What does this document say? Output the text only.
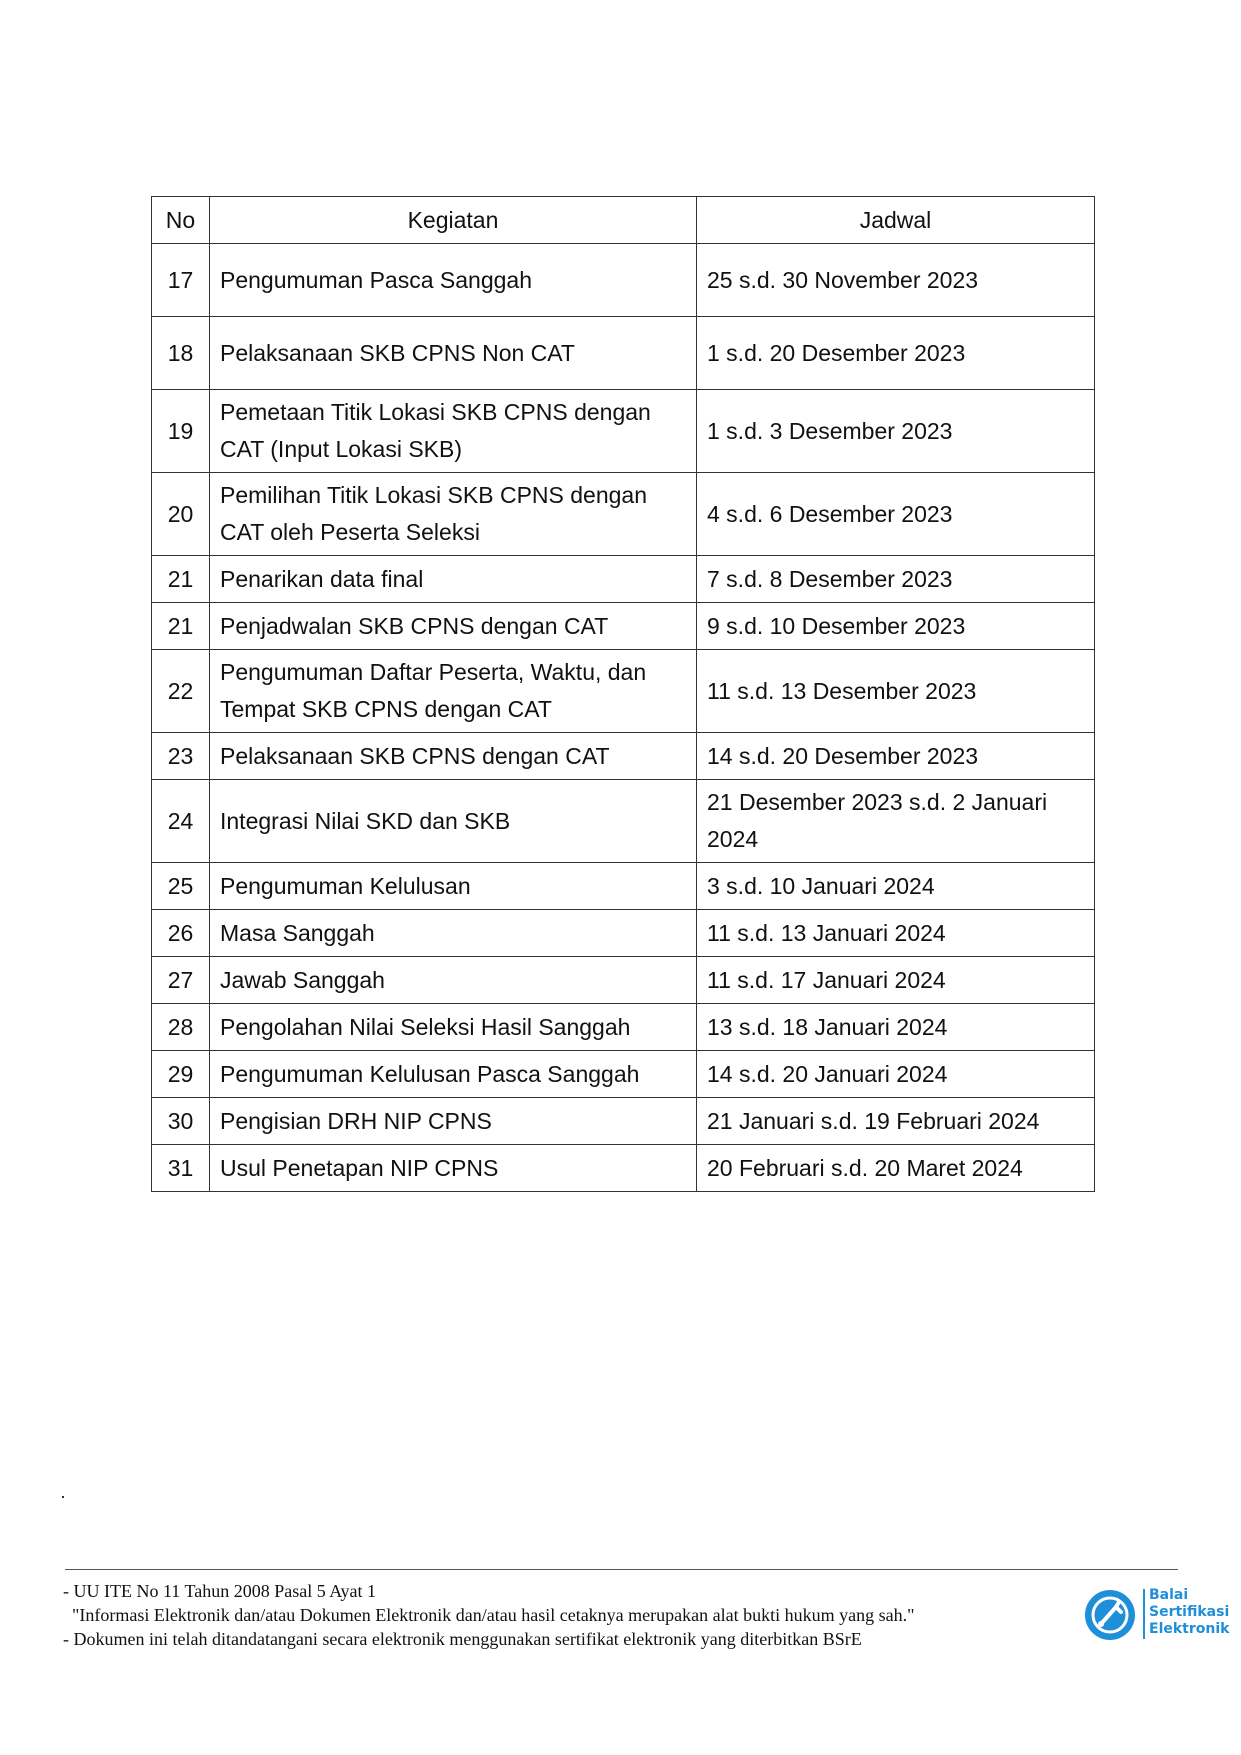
No	Kegiatan	Jadwal
17	Pengumuman Pasca Sanggah	25 s.d. 30 November 2023
18	Pelaksanaan SKB CPNS Non CAT	1 s.d. 20 Desember 2023
19	Pemetaan Titik Lokasi SKB CPNS dengan CAT (Input Lokasi SKB)	1 s.d. 3 Desember 2023
20	Pemilihan Titik Lokasi SKB CPNS dengan CAT oleh Peserta Seleksi	4 s.d. 6 Desember 2023
21	Penarikan data final	7 s.d. 8 Desember 2023
21	Penjadwalan SKB CPNS dengan CAT	9 s.d. 10 Desember 2023
22	Pengumuman Daftar Peserta, Waktu, dan Tempat SKB CPNS dengan CAT	11 s.d. 13 Desember 2023
23	Pelaksanaan SKB CPNS dengan CAT	14 s.d. 20 Desember 2023
24	Integrasi Nilai SKD dan SKB	21 Desember 2023 s.d. 2 Januari 2024
25	Pengumuman Kelulusan	3 s.d. 10 Januari 2024
26	Masa Sanggah	11 s.d. 13 Januari 2024
27	Jawab Sanggah	11 s.d. 17 Januari 2024
28	Pengolahan Nilai Seleksi Hasil Sanggah	13 s.d. 18 Januari 2024
29	Pengumuman Kelulusan Pasca Sanggah	14 s.d. 20 Januari 2024
30	Pengisian DRH NIP CPNS	21 Januari s.d. 19 Februari 2024
31	Usul Penetapan NIP CPNS	20 Februari s.d. 20 Maret 2024
- UU ITE No 11 Tahun 2008 Pasal 5 Ayat 1
"Informasi Elektronik dan/atau Dokumen Elektronik dan/atau hasil cetaknya merupakan alat bukti hukum yang sah."
- Dokumen ini telah ditandatangani secara elektronik menggunakan sertifikat elektronik yang diterbitkan BSrE
Balai
Sertifikasi
Elektronik
